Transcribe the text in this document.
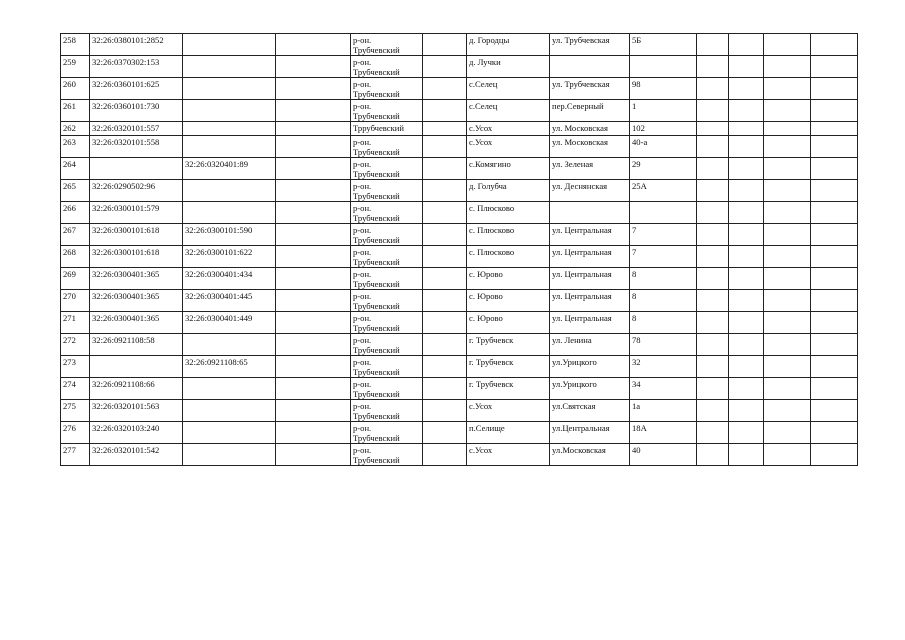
258	32:26:0380101:2852			р-он.
Трубчевский		д. Городцы	ул. Трубчевская	5Б				
259	32:26:0370302:153			р-он.
Трубчевский		д. Лучки						
260	32:26:0360101:625			р-он.
Трубчевский		с.Селец	ул. Трубчевская	98				
261	32:26:0360101:730			р-он.
Трубчевский		с.Селец	пер.Северный	1				
262	32:26:0320101:557			Тррубчевский		с.Усох	ул. Московская	102				
263	32:26:0320101:558			р-он.
Трубчевский		с.Усох	ул. Московская	40-а				
264		32:26:0320401:89		р-он.
Трубчевский		с.Комягино	ул. Зеленая	29				
265	32:26:0290502:96			р-он.
Трубчевский		д. Голубча	ул. Деснянская	25А				
266	32:26:0300101:579			р-он.
Трубчевский		с. Плюсково						
267	32:26:0300101:618	32:26:0300101:590		р-он.
Трубчевский		с. Плюсково	ул. Центральная	7				
268	32:26:0300101:618	32:26:0300101:622		р-он.
Трубчевский		с. Плюсково	ул. Центральная	7				
269	32:26:0300401:365	32:26:0300401:434		р-он.
Трубчевский		с. Юрово	ул. Центральная	8				
270	32:26:0300401:365	32:26:0300401:445		р-он.
Трубчевский		с. Юрово	ул. Центральная	8				
271	32:26:0300401:365	32:26:0300401:449		р-он.
Трубчевский		с. Юрово	ул. Центральная	8				
272	32:26:0921108:58			р-он.
Трубчевский		г. Трубчевск	ул. Ленина	78				
273		32:26:0921108:65		р-он.
Трубчевский		г. Трубчевск	ул.Урицкого	32				
274	32:26:0921108:66			р-он.
Трубчевский		г. Трубчевск	ул.Урицкого	34				
275	32:26:0320101:563			р-он.
Трубчевский		с.Усох	ул.Святская	1а				
276	32:26:0320103:240			р-он.
Трубчевский		п.Селище	ул.Центральная	18А				
277	32:26:0320101:542			р-он.
Трубчевский		с.Усох	ул.Московская	40				
